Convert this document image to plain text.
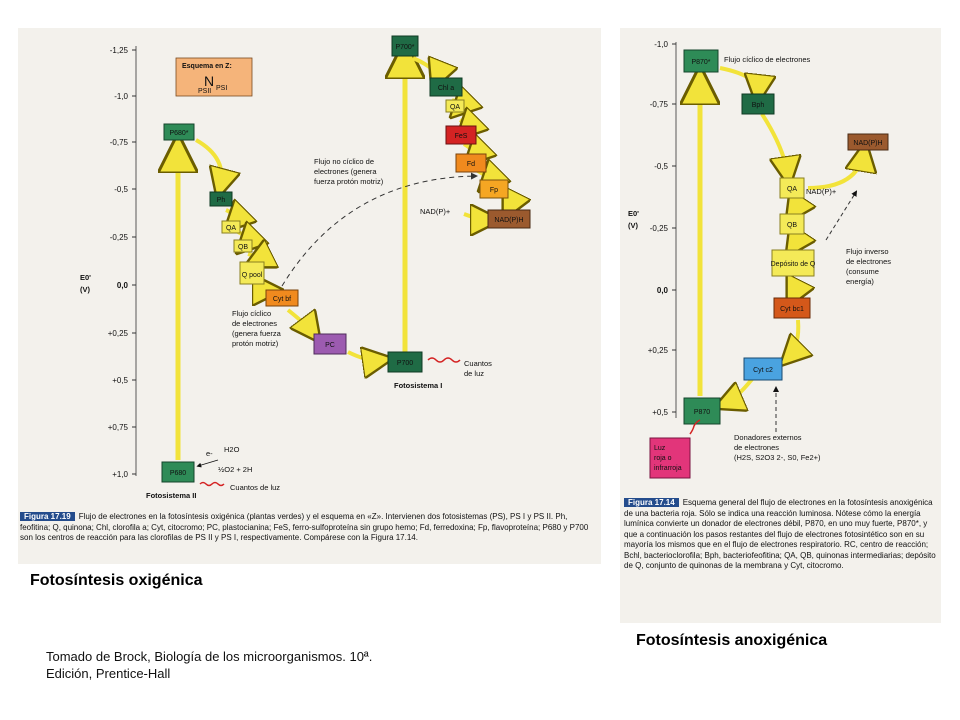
-1,25
-1,0
-0,75
-0,5
-0,25
0,0
+0,25
+0,5
+0,75
+1,0
E0'
(V)
Esquema en Z:
N
PSII PSI
P680*
Ph
QA
QB
Q pool
Cyt bf
PC
P680
P700
P700*
Chl a
QA
FeS
Fd
Fp
NAD(P)H
Flujo no cíclico de
electrones (genera
fuerza protón motriz)
Flujo cíclico
de electrones
(genera fuerza
protón motriz)
NAD(P)+
Cuantos
de luz
Fotosistema I
Fotosistema II
e- H2O
½O2 + 2H
Cuantos de luz
Figura 17.19 Flujo de electrones en la fotosíntesis oxigénica (plantas verdes) y el esquema en «Z». Intervienen dos fotosistemas (PS), PS I y PS II. Ph, feofitina; Q, quinona; Chl, clorofila a; Cyt, citocromo; PC, plastocianina; FeS, ferro-sulfoproteína sin grupo hemo; Fd, ferredoxina; Fp, flavoproteína; P680 y P700 son los centros de reacción para las clorofilas de PS II y PS I, respectivamente. Compárese con la Figura 17.14.
-1,0
-0,75
-0,5
-0,25
0,0
+0,25
+0,5
E0'
(V)
P870*
Bph
QA
QB
Depósito de Q
Cyt bc1
Cyt c2
P870
NAD(P)H
Luz
roja o
infrarroja
Flujo cíclico de electrones
NAD(P)+
Flujo inverso
de electrones
(consume
energía)
Donadores externos
de electrones
(H2S, S2O3 2-, S0, Fe2+)
Figura 17.14 Esquema general del flujo de electrones en la fotosíntesis anoxigénica de una bacteria roja. Sólo se indica una reacción luminosa. Nótese cómo la energía lumínica convierte un donador de electrones débil, P870, en uno muy fuerte, P870*, y que a continuación los pasos restantes del flujo de electrones fotosintético son en su mayoría los mismos que en el flujo de electrones respiratorio. RC, centro de reacción; Bchl, bacterioclorofila; Bph, bacteriofeofitina; QA, QB, quinonas intermediarias; depósito de Q, conjunto de quinonas de la membrana y Cyt, citocromo.
Fotosíntesis oxigénica
Fotosíntesis anoxigénica
Tomado de Brock, Biología de los microorganismos. 10ª.
Edición, Prentice-Hall
